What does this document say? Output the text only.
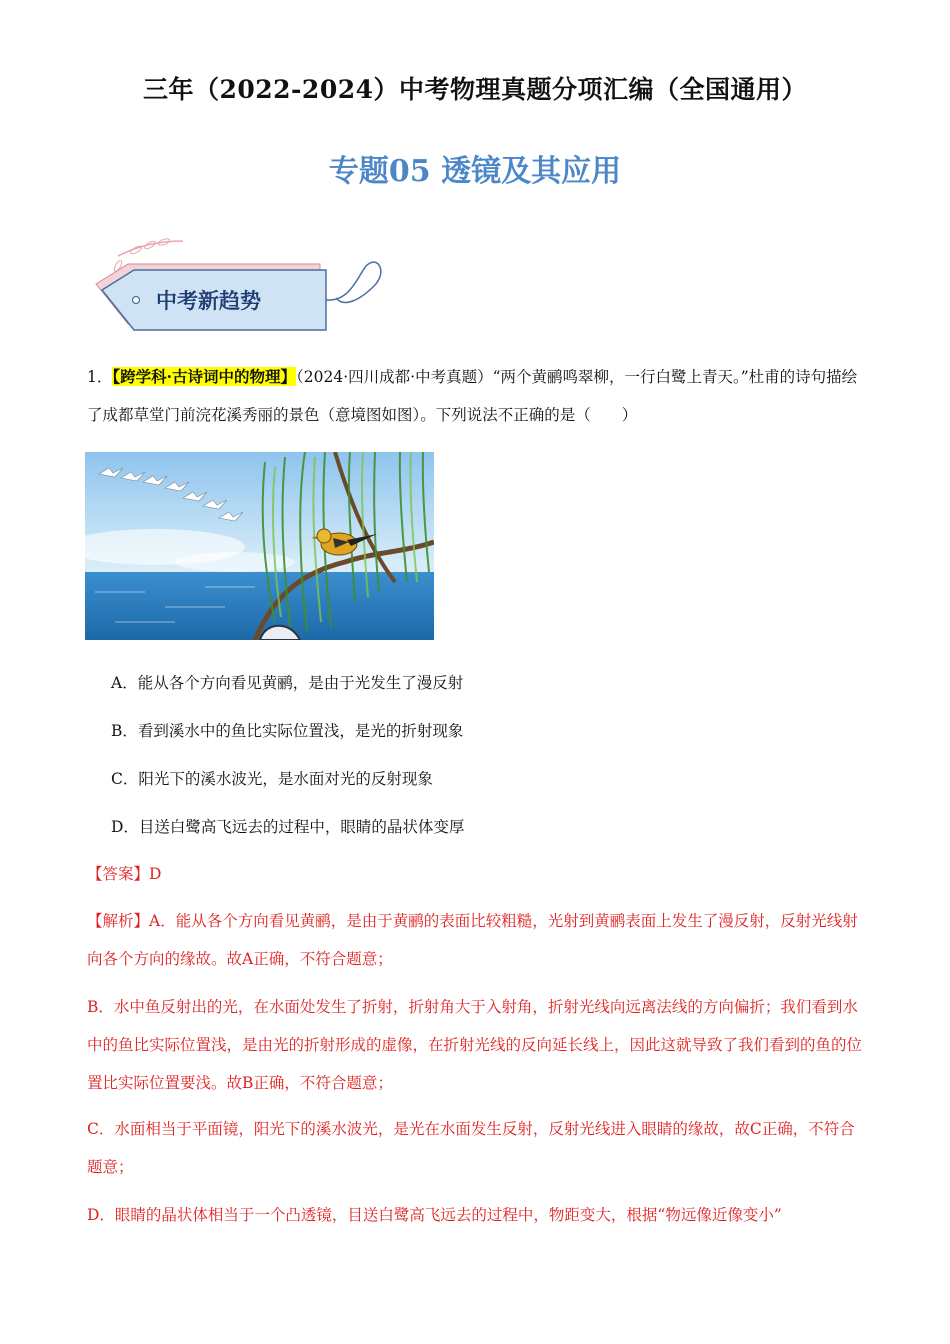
三年（2022-2024）中考物理真题分项汇编（全国通用）
专题05 透镜及其应用
中考新趋势
1．【跨学科·古诗词中的物理】（2024·四川成都·中考真题）“两个黄鹂鸣翠柳，一行白鹭上青天。”杜甫的诗句描绘了成都草堂门前浣花溪秀丽的景色（意境图如图）。下列说法不正确的是（　　）
A．能从各个方向看见黄鹂，是由于光发生了漫反射
B．看到溪水中的鱼比实际位置浅，是光的折射现象
C．阳光下的溪水波光，是水面对光的反射现象
D．目送白鹭高飞远去的过程中，眼睛的晶状体变厚
【答案】D
【解析】A．能从各个方向看见黄鹂，是由于黄鹂的表面比较粗糙，光射到黄鹂表面上发生了漫反射，反射光线射向各个方向的缘故。故A正确，不符合题意；
B．水中鱼反射出的光，在水面处发生了折射，折射角大于入射角，折射光线向远离法线的方向偏折；我们看到水中的鱼比实际位置浅，是由光的折射形成的虚像，在折射光线的反向延长线上，因此这就导致了我们看到的鱼的位置比实际位置要浅。故B正确，不符合题意；
C．水面相当于平面镜，阳光下的溪水波光，是光在水面发生反射，反射光线进入眼睛的缘故，故C正确，不符合题意；
D．眼睛的晶状体相当于一个凸透镜，目送白鹭高飞远去的过程中，物距变大，根据“物远像近像变小”
